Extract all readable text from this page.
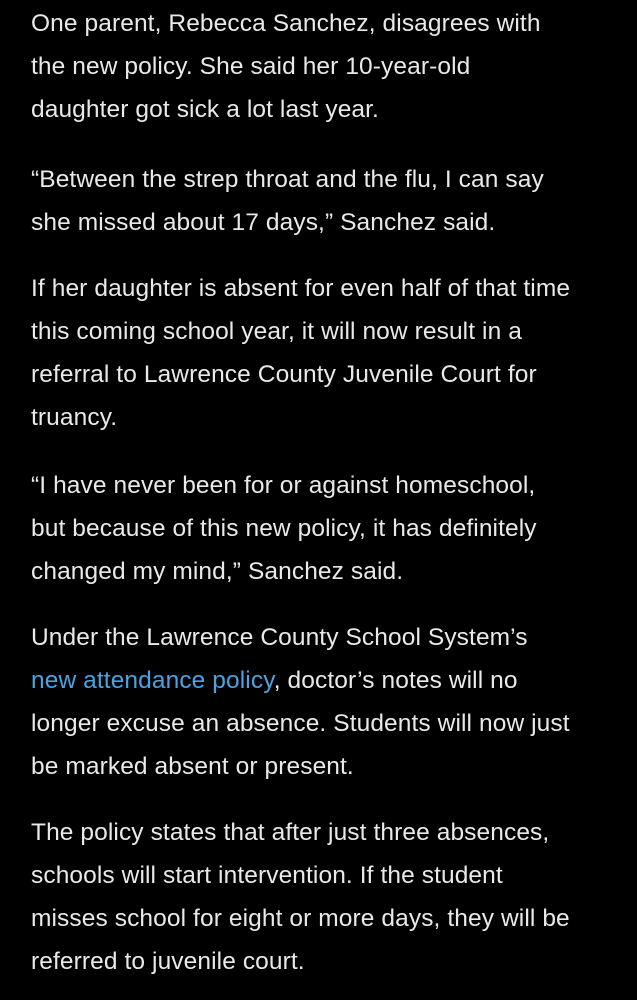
One parent, Rebecca Sanchez, disagrees with
the new policy. She said her 10-year-old
daughter got sick a lot last year.

“Between the strep throat and the flu, I can say
she missed about 17 days,” Sanchez said.

If her daughter is absent for even half of that time
this coming school year, it will now result in a
referral to Lawrence County Juvenile Court for
truancy.

“I have never been for or against homeschool,
but because of this new policy, it has definitely
changed my mind,” Sanchez said.

Under the Lawrence County School System’s
new attendance policy, doctor’s notes will no
longer excuse an absence. Students will now just
be marked absent or present.

The policy states that after just three absences,
schools will start intervention. If the student
misses school for eight or more days, they will be
referred to juvenile court.
